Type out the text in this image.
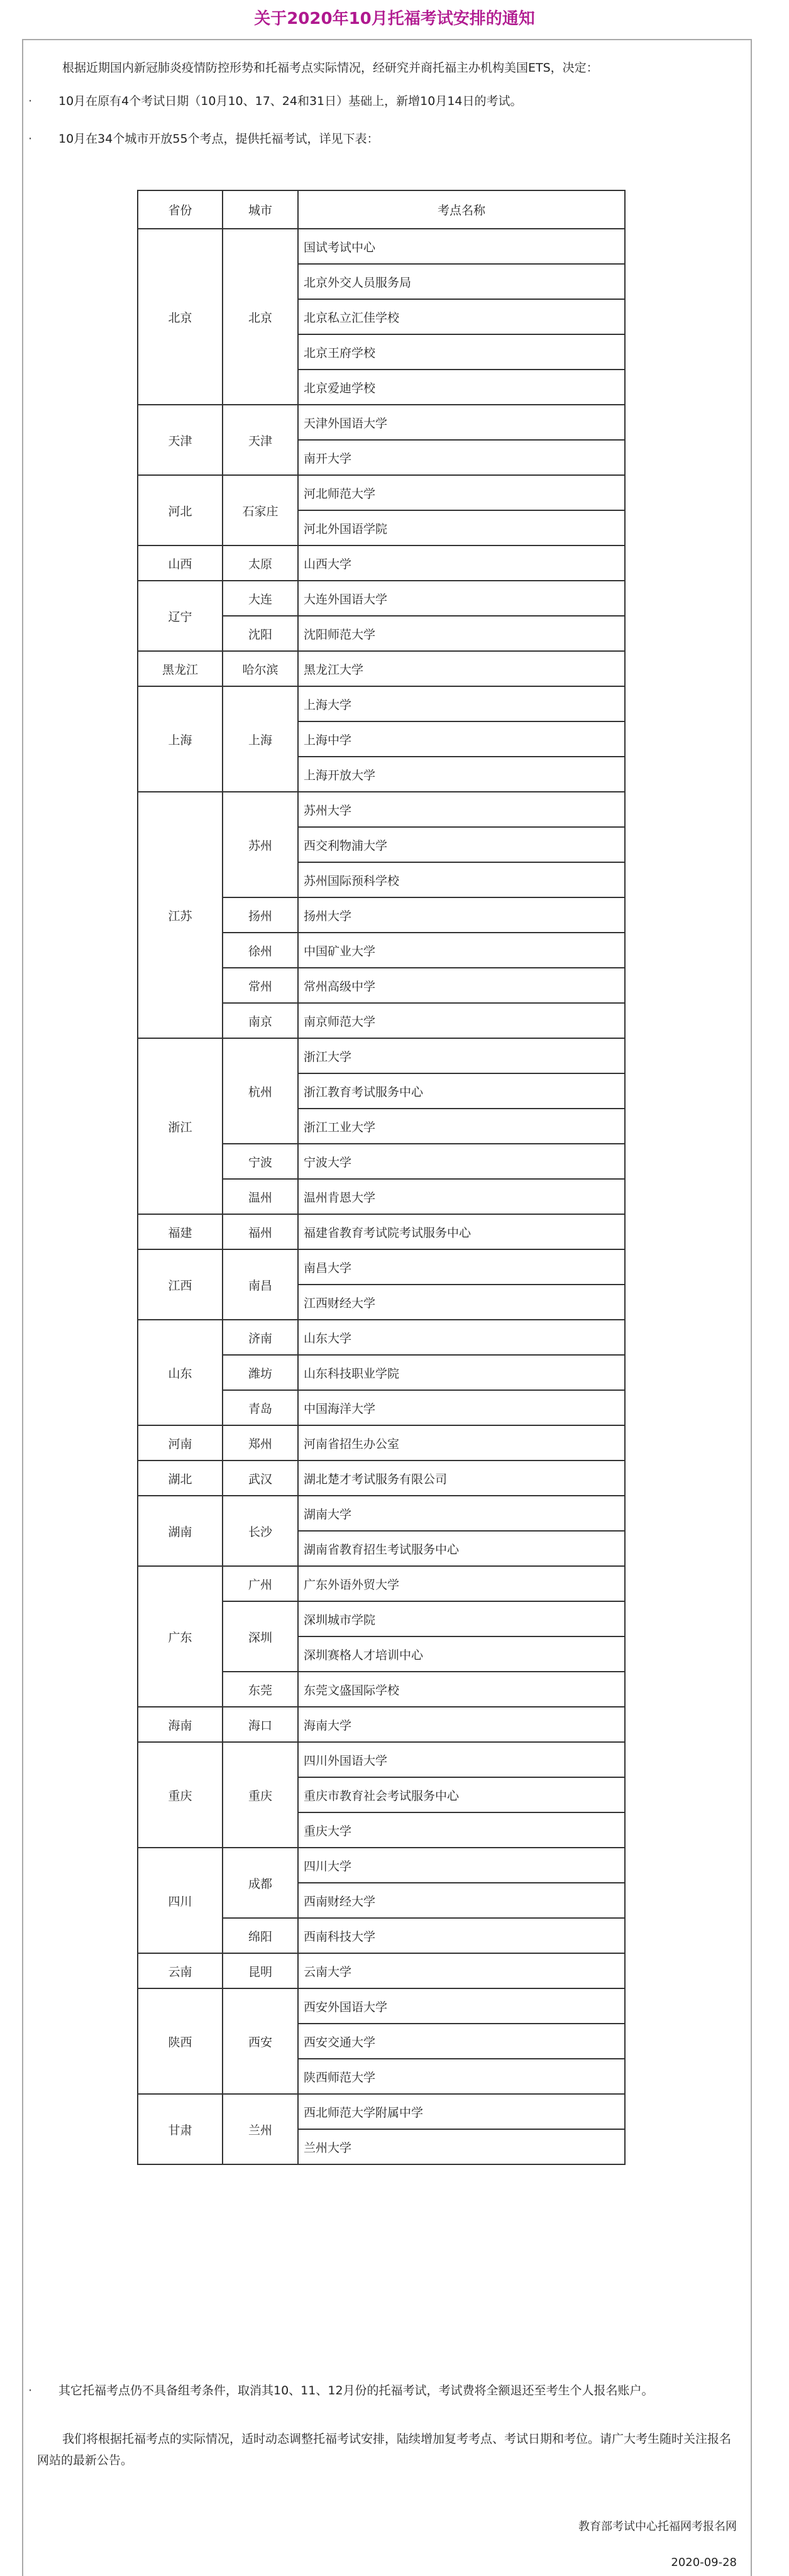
关于2020年10月托福考试安排的通知

根据近期国内新冠肺炎疫情防控形势和托福考点实际情况，经研究并商托福主办机构美国ETS，决定：

· 10月在原有4个考试日期（10月10、17、24和31日）基础上，新增10月14日的考试。

· 10月在34个城市开放55个考点，提供托福考试，详见下表：

省份	城市	考点名称
北京	北京	国试考试中心
		北京外交人员服务局
		北京私立汇佳学校
		北京王府学校
		北京爱迪学校
天津	天津	天津外国语大学
		南开大学
河北	石家庄	河北师范大学
		河北外国语学院
山西	太原	山西大学
辽宁	大连	大连外国语大学
	沈阳	沈阳师范大学
黑龙江	哈尔滨	黑龙江大学
上海	上海	上海大学
		上海中学
		上海开放大学
江苏	苏州	苏州大学
		西交利物浦大学
		苏州国际预科学校
	扬州	扬州大学
	徐州	中国矿业大学
	常州	常州高级中学
	南京	南京师范大学
浙江	杭州	浙江大学
		浙江教育考试服务中心
		浙江工业大学
	宁波	宁波大学
	温州	温州肯恩大学
福建	福州	福建省教育考试院考试服务中心
江西	南昌	南昌大学
		江西财经大学
山东	济南	山东大学
	潍坊	山东科技职业学院
	青岛	中国海洋大学
河南	郑州	河南省招生办公室
湖北	武汉	湖北楚才考试服务有限公司
湖南	长沙	湖南大学
		湖南省教育招生考试服务中心
广东	广州	广东外语外贸大学
	深圳	深圳城市学院
		深圳赛格人才培训中心
	东莞	东莞文盛国际学校
海南	海口	海南大学
重庆	重庆	四川外国语大学
		重庆市教育社会考试服务中心
		重庆大学
四川	成都	四川大学
		西南财经大学
	绵阳	西南科技大学
云南	昆明	云南大学
陕西	西安	西安外国语大学
		西安交通大学
		陕西师范大学
甘肃	兰州	西北师范大学附属中学
		兰州大学
· 其它托福考点仍不具备组考条件，取消其10、11、12月份的托福考试，考试费将全额退还至考生个人报名账户。

我们将根据托福考点的实际情况，适时动态调整托福考试安排，陆续增加复考考点、考试日期和考位。请广大考生随时关注报名网站的最新公告。

教育部考试中心托福网考报名网

2020-09-28
